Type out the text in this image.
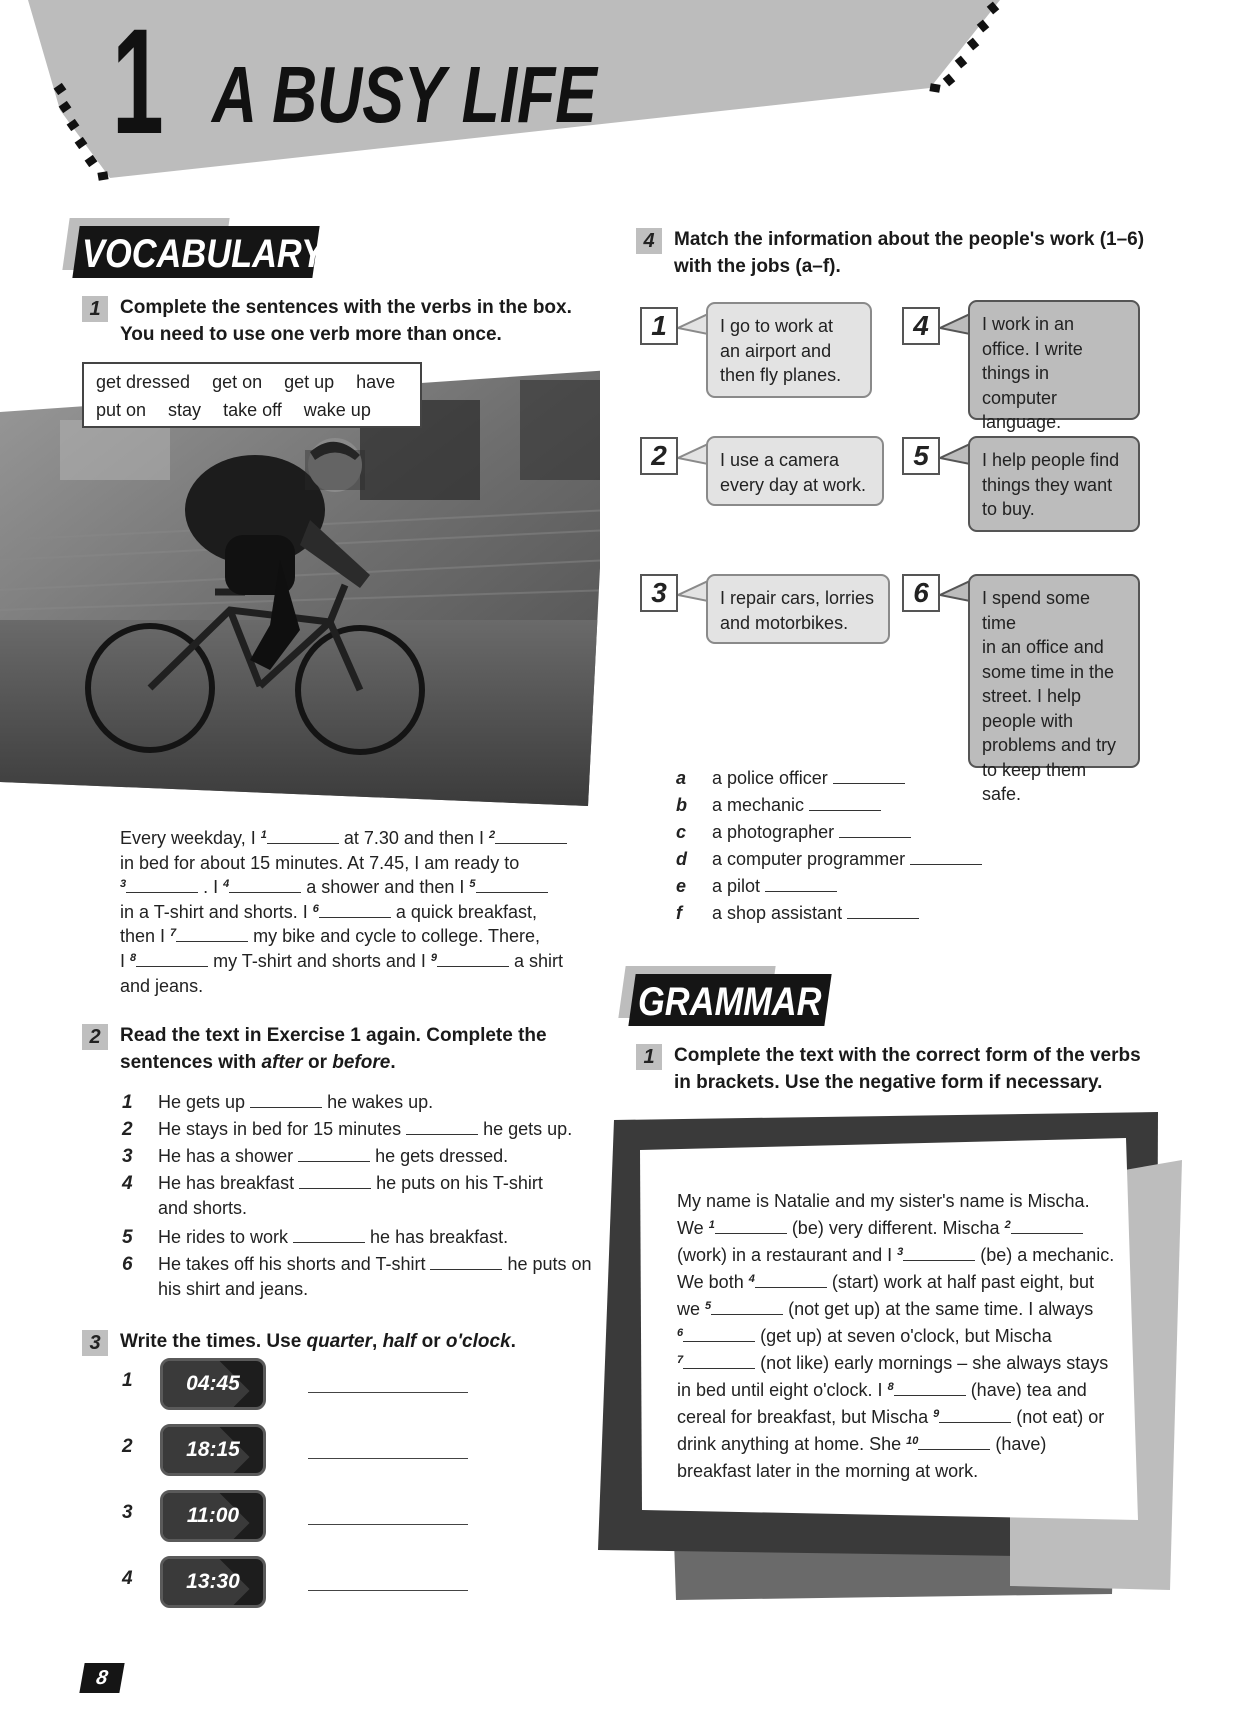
1 A BUSY LIFE
VOCABULARY
1	Complete the sentences with the verbs in the box.
You need to use one verb more than once.
get dressed get on get up have
put on stay take off wake up
Every weekday, I $^1$	at 7.30 and then I $^2$
in bed for about 15 minutes. At 7.45, I am ready to
$^3$	. I $^4$	a shower and then I $^5$
in a T-shirt and shorts. I $^6$	a quick breakfast,
then I $^7$	my bike and cycle to college. There,
I $^8$	my T-shirt and shorts and I $^9$	a shirt
and jeans.
2	Read the text in Exercise 1 again. Complete the
sentences with after or before.
1	He gets up	he wakes up.
2	He stays in bed for 15 minutes	he gets up.
3	He has a shower	he gets dressed.
4	He has breakfast	he puts on his T-shirt
and shorts.
5	He rides to work	he has breakfast.
6	He takes off his shorts and T-shirt	he puts on
his shirt and jeans.
3	Write the times. Use quarter, half or o'clock.
1	04:45
2	18:15
3	11:00
4	13:30
4	Match the information about the people's work (1–6)
with the jobs (a–f).
1	I go to work at
an airport and
then fly planes.
2	I use a camera
every day at work.
3	I repair cars, lorries
and motorbikes.
4	I work in an
office. I write
things in computer
language.
5	I help people find
things they want
to buy.
6	I spend some time
in an office and
some time in the
street. I help
people with
problems and try
to keep them safe.
a	a police officer
b	a mechanic
c	a photographer
d	a computer programmer
e	a pilot
f	a shop assistant
GRAMMAR
1	Complete the text with the correct form of the verbs
in brackets. Use the negative form if necessary.
My name is Natalie and my sister's name is Mischa.
We $^1$	(be) very different. Mischa $^2$
(work) in a restaurant and I $^3$	(be) a mechanic.
We both $^4$	(start) work at half past eight, but
we $^5$	(not get up) at the same time. I always
$^6$	(get up) at seven o'clock, but Mischa
$^7$	(not like) early mornings – she always stays
in bed until eight o'clock. I $^8$	(have) tea and
cereal for breakfast, but Mischa $^9$	(not eat) or
drink anything at home. She $^{10}$	(have)
breakfast later in the morning at work.
8
